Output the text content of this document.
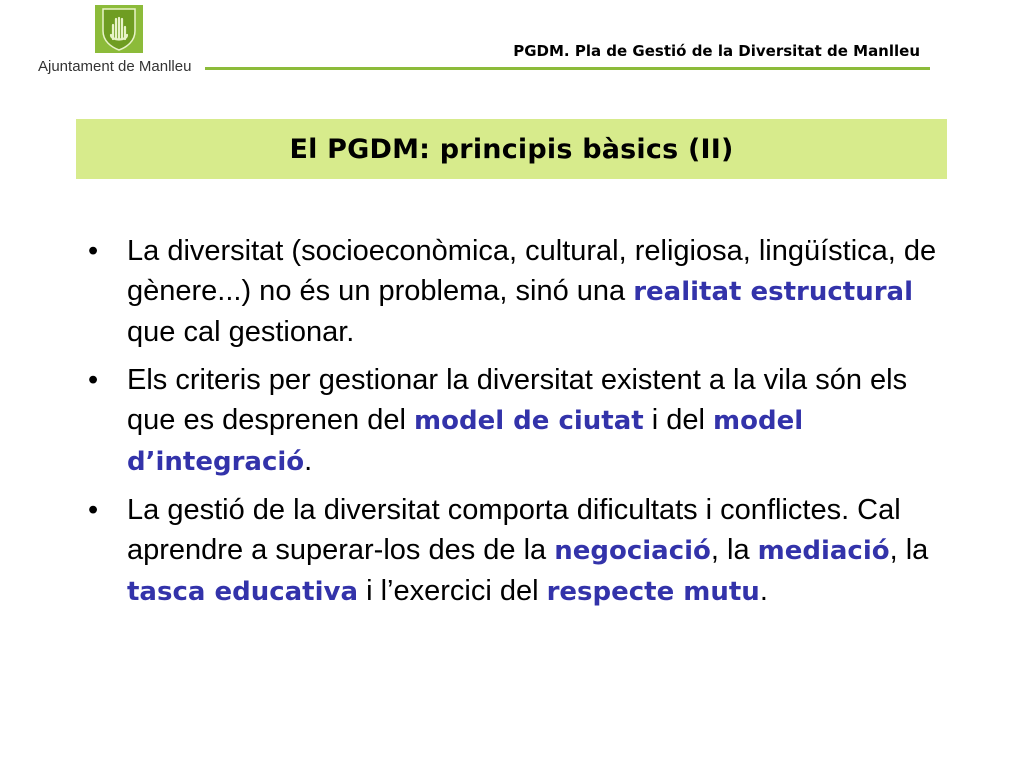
Ajuntament de Manlleu
PGDM. Pla de Gestió de la Diversitat de Manlleu
El PGDM: principis bàsics (II)
• La diversitat (socioeconòmica, cultural, religiosa, lingüística, de gènere...) no és un problema, sinó una realitat estructural que cal gestionar.
• Els criteris per gestionar la diversitat existent a la vila són els que es desprenen del model de ciutat i del model d’integració.
• La gestió de la diversitat comporta dificultats i conflictes. Cal aprendre a superar-los des de la negociació, la mediació, la tasca educativa i l’exercici del respecte mutu.
